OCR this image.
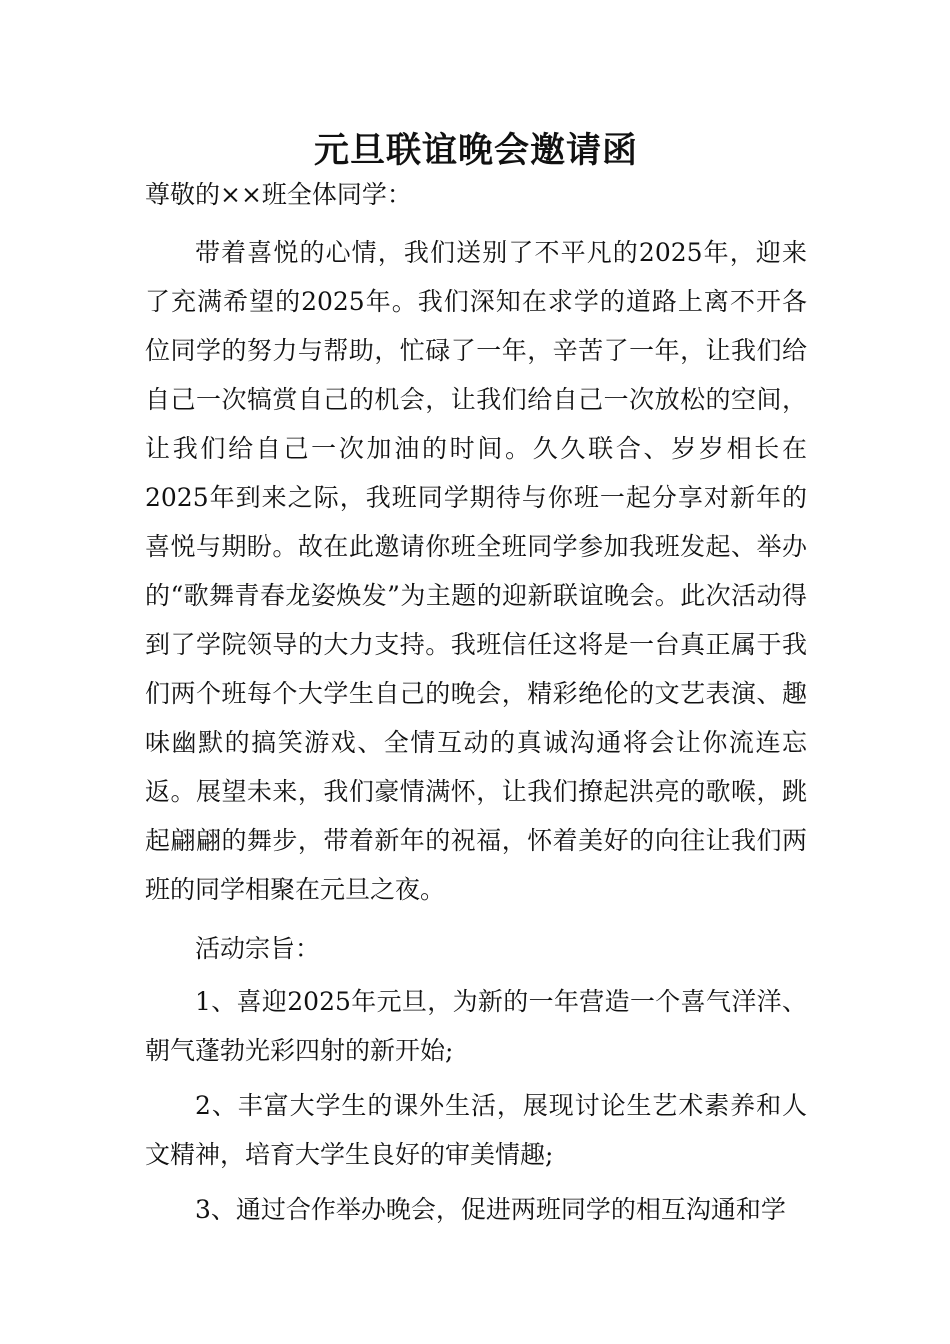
元旦联谊晚会邀请函

尊敬的××班全体同学：

带着喜悦的心情，我们送别了不平凡的2025年，迎来了充满希望的2025年。我们深知在求学的道路上离不开各位同学的努力与帮助，忙碌了一年，辛苦了一年，让我们给自己一次犒赏自己的机会，让我们给自己一次放松的空间，让我们给自己一次加油的时间。久久联合、岁岁相长在2025年到来之际，我班同学期待与你班一起分享对新年的喜悦与期盼。故在此邀请你班全班同学参加我班发起、举办的“歌舞青春龙姿焕发”为主题的迎新联谊晚会。此次活动得到了学院领导的大力支持。我班信任这将是一台真正属于我们两个班每个大学生自己的晚会，精彩绝伦的文艺表演、趣味幽默的搞笑游戏、全情互动的真诚沟通将会让你流连忘返。展望未来，我们豪情满怀，让我们撩起洪亮的歌喉，跳起翩翩的舞步，带着新年的祝福，怀着美好的向往让我们两班的同学相聚在元旦之夜。

活动宗旨：

1、喜迎2025年元旦，为新的一年营造一个喜气洋洋、朝气蓬勃光彩四射的新开始;

2、丰富大学生的课外生活，展现讨论生艺术素养和人文精神，培育大学生良好的审美情趣;

3、通过合作举办晚会，促进两班同学的相互沟通和学
